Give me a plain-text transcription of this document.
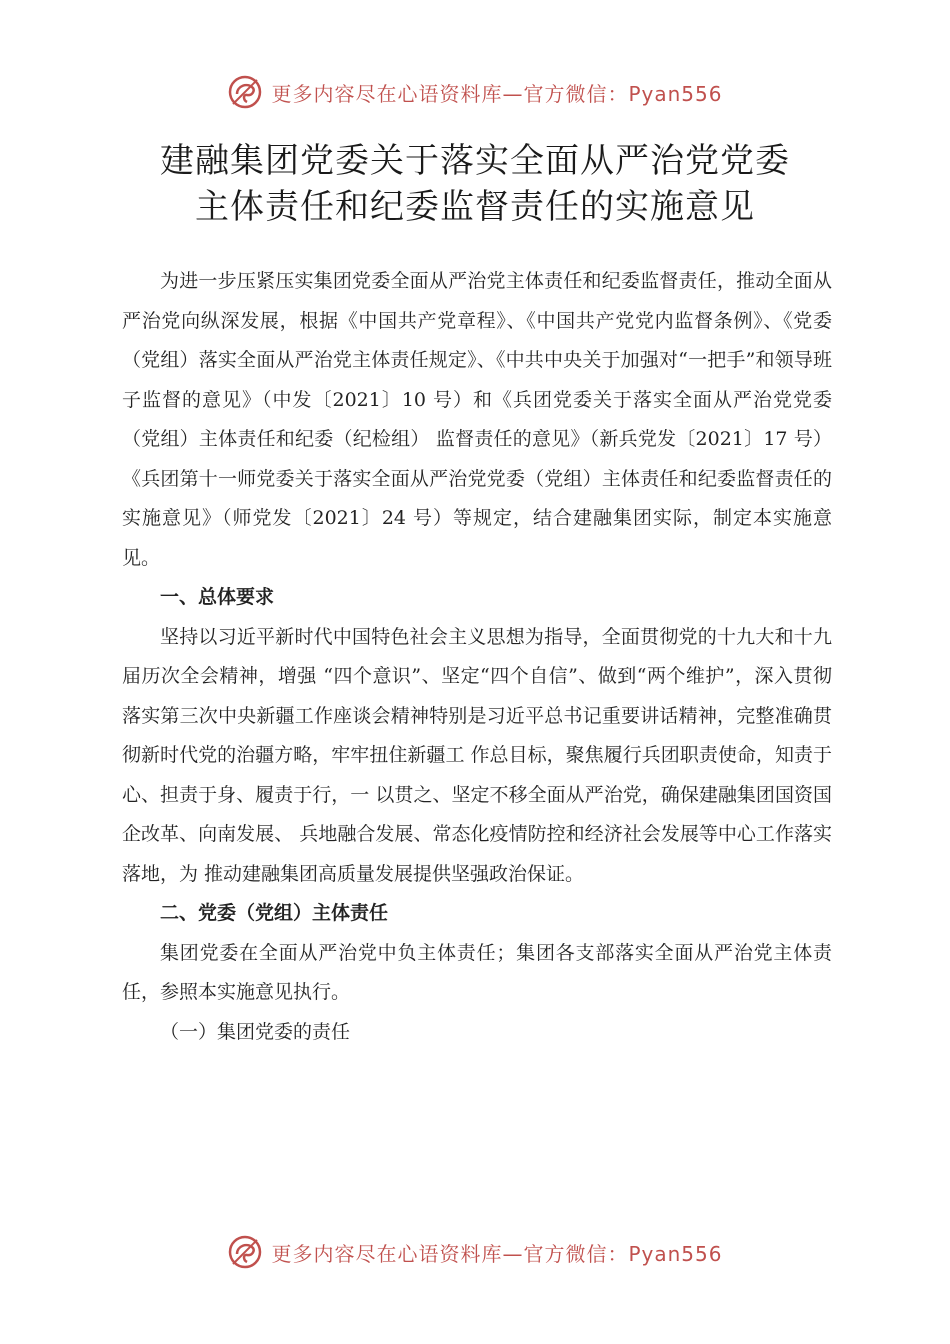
更多内容尽在心语资料库—官方微信：Pyan556
建融集团党委关于落实全面从严治党党委
主体责任和纪委监督责任的实施意见

为进一步压紧压实集团党委全面从严治党主体责任和纪委监督责任，推动全面从严治党向纵深发展，根据《中国共产党章程》、《中国共产党党内监督条例》、《党委（党组）落实全面从严治党主体责任规定》、《中共中央关于加强对“一把手”和领导班子监督的意见》（中发〔2021〕10 号）和《兵团党委关于落实全面从严治党党委（党组）主体责任和纪委（纪检组） 监督责任的意见》（新兵党发〔2021〕17 号）《兵团第十一师党委关于落实全面从严治党党委（党组）主体责任和纪委监督责任的实施意见》（师党发〔2021〕24 号）等规定，结合建融集团实际，制定本实施意见。

一、总体要求

坚持以习近平新时代中国特色社会主义思想为指导，全面贯彻党的十九大和十九届历次全会精神，增强 “四个意识”、坚定“四个自信”、做到“两个维护”，深入贯彻落实第三次中央新疆工作座谈会精神特别是习近平总书记重要讲话精神，完整准确贯彻新时代党的治疆方略，牢牢扭住新疆工 作总目标，聚焦履行兵团职责使命，知责于心、担责于身、履责于行，一 以贯之、坚定不移全面从严治党，确保建融集团国资国企改革、向南发展、 兵地融合发展、常态化疫情防控和经济社会发展等中心工作落实落地，为 推动建融集团高质量发展提供坚强政治保证。

二、党委（党组）主体责任

集团党委在全面从严治党中负主体责任；集团各支部落实全面从严治党主体责任，参照本实施意见执行。

（一）集团党委的责任

更多内容尽在心语资料库—官方微信：Pyan556
